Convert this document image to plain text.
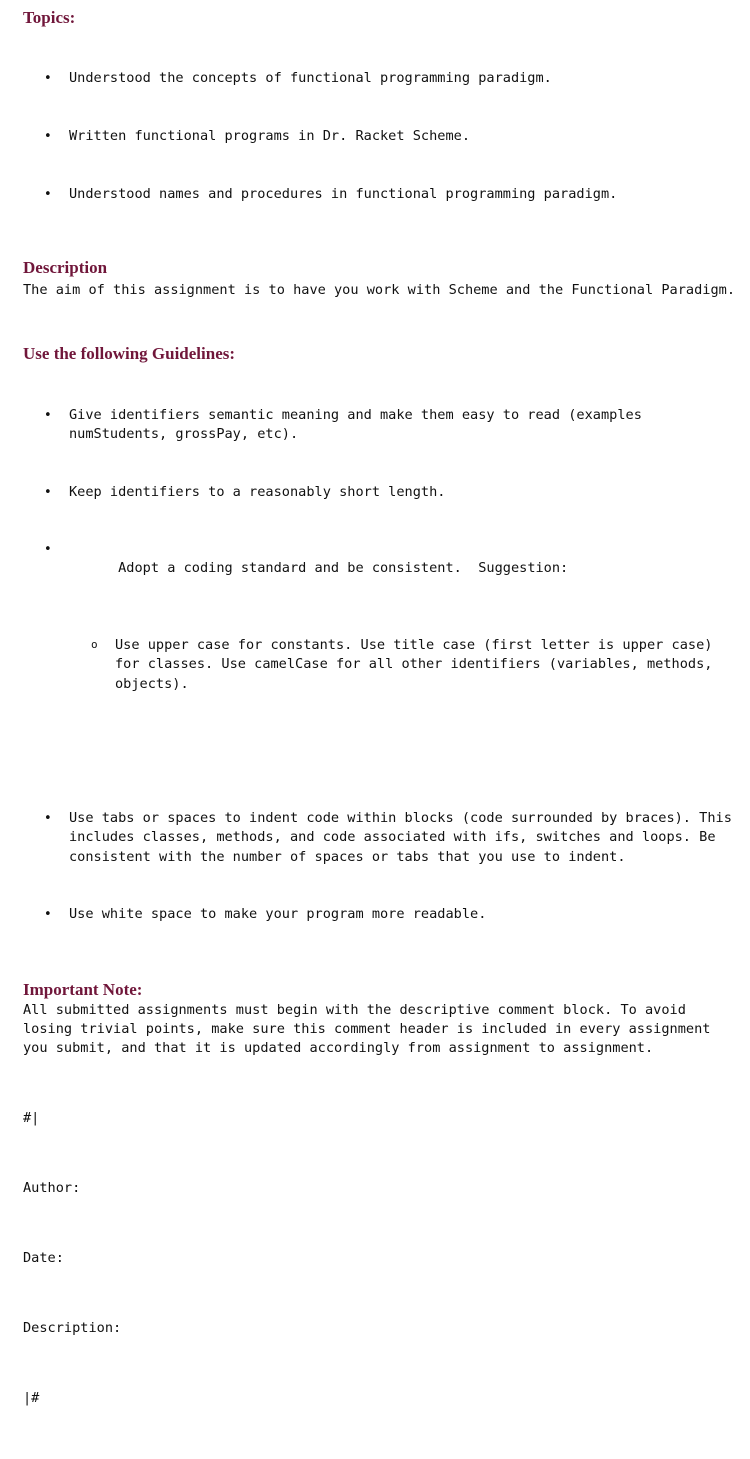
Topics:

• Understood the concepts of functional programming paradigm.

• Written functional programs in Dr. Racket Scheme.

• Understood names and procedures in functional programming paradigm.

Description

The aim of this assignment is to have you work with Scheme and the Functional Paradigm.

Use the following Guidelines:

• Give identifiers semantic meaning and make them easy to read (examples numStudents, grossPay, etc).

• Keep identifiers to a reasonably short length.

• Adopt a coding standard and be consistent.  Suggestion:

o Use upper case for constants. Use title case (first letter is upper case) for classes. Use camelCase for all other identifiers (variables, methods, objects).

• Use tabs or spaces to indent code within blocks (code surrounded by braces). This includes classes, methods, and code associated with ifs, switches and loops. Be consistent with the number of spaces or tabs that you use to indent.

• Use white space to make your program more readable.

Important Note:

All submitted assignments must begin with the descriptive comment block. To avoid losing trivial points, make sure this comment header is included in every assignment you submit, and that it is updated accordingly from assignment to assignment.

#|

Author:

Date:

Description:

|#
